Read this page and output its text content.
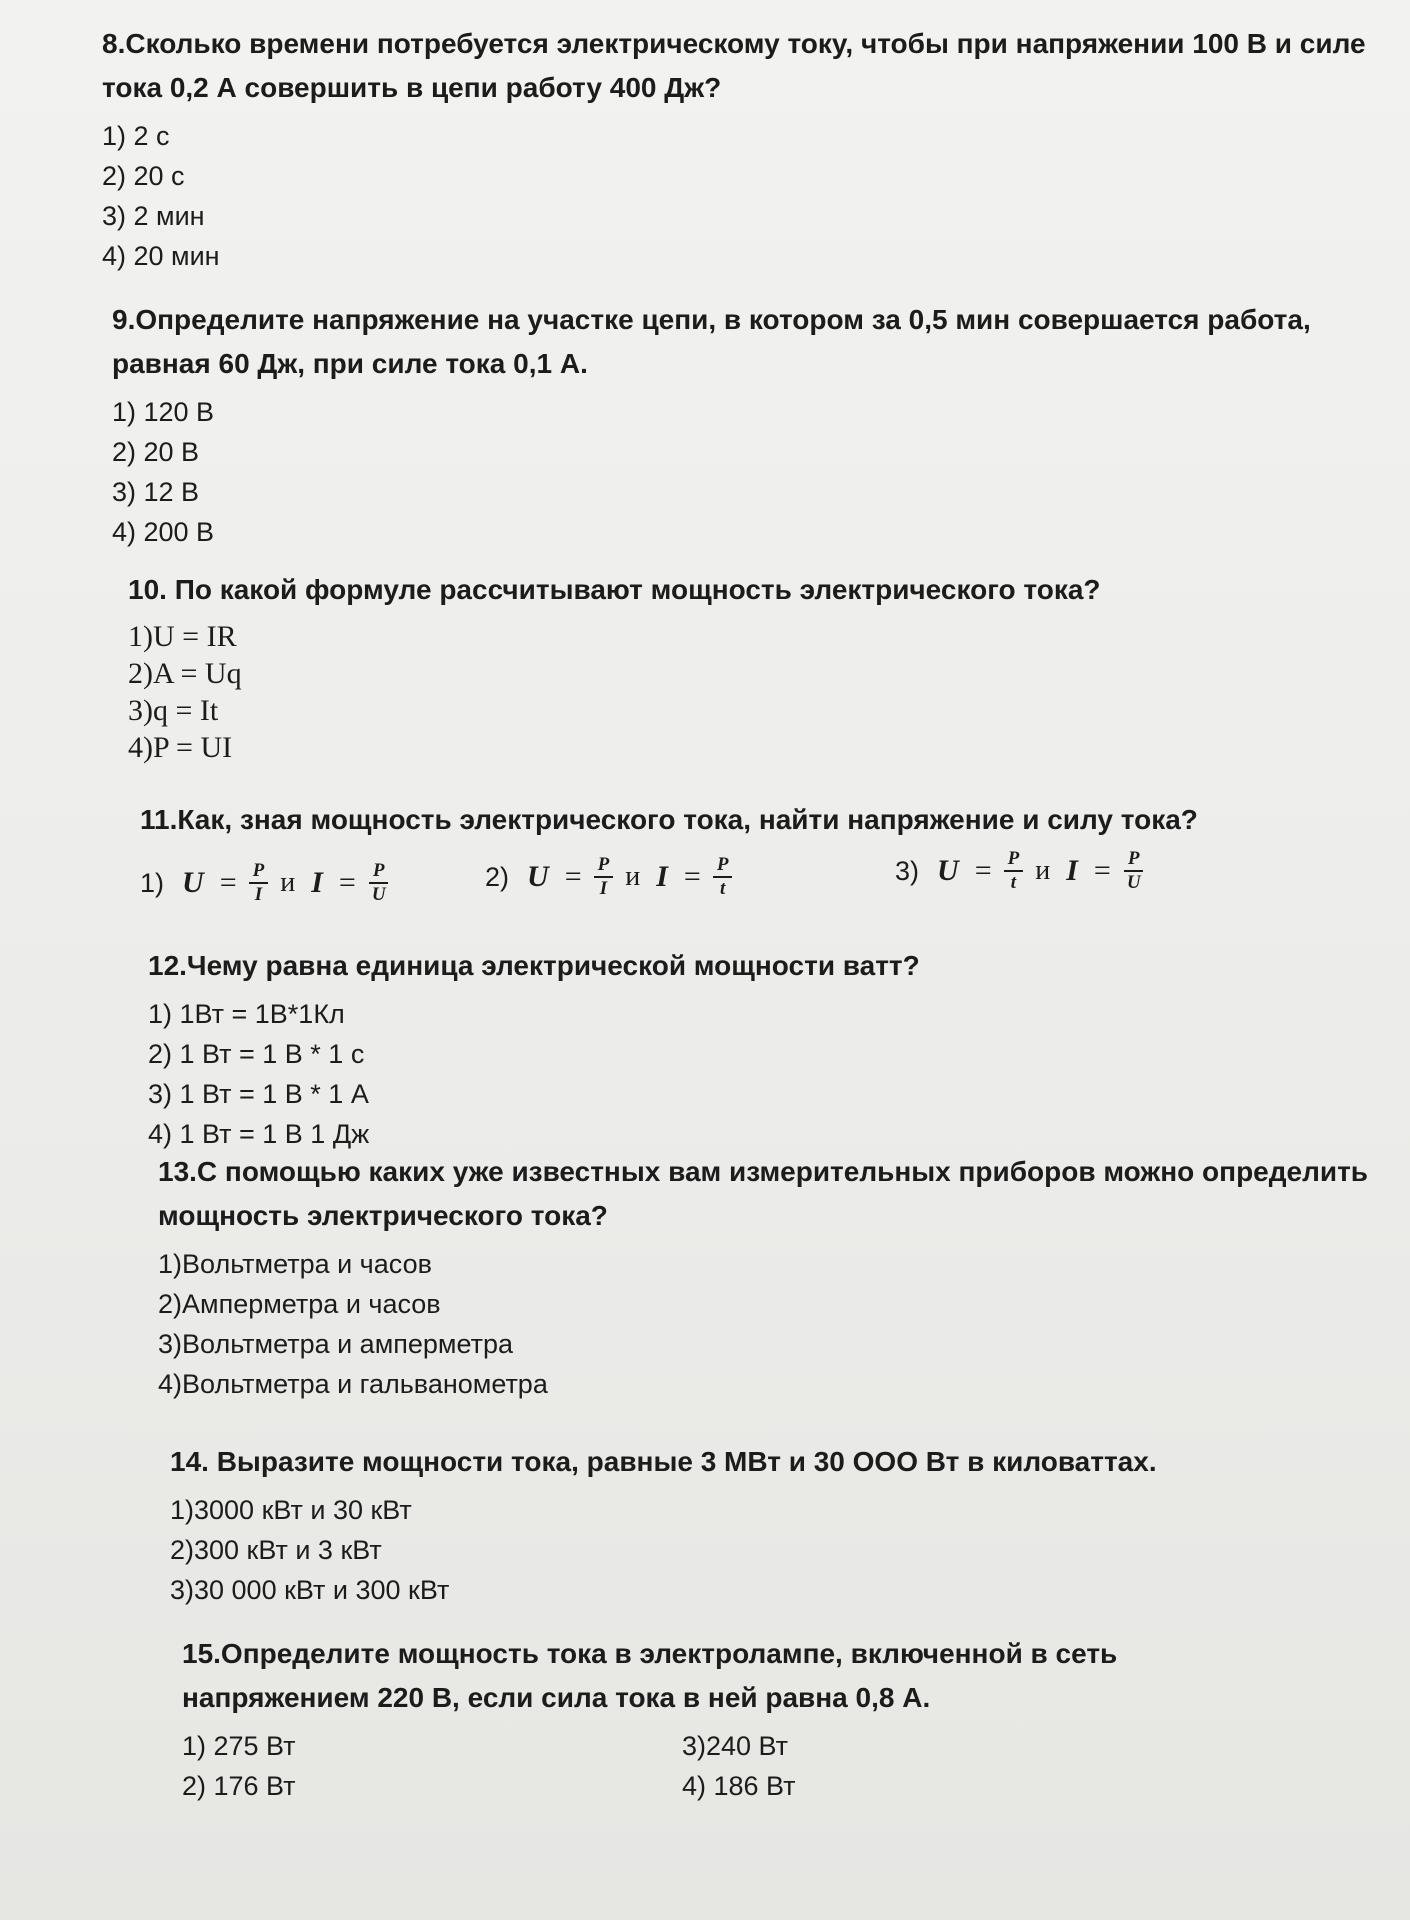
8.Сколько времени потребуется электрическому току, чтобы при напряжении 100 В и силе тока 0,2 А совершить в цепи работу 400 Дж?

1) 2 с

2) 20 с

3) 2 мин

4) 20 мин

9.Определите напряжение на участке цепи, в котором за 0,5 мин совершается работа, равная 60 Дж, при силе тока 0,1 А.

1) 120 В

2) 20 В

3) 12 В

4) 200 В

10. По какой формуле рассчитывают мощность электрического тока?

1)U = IR

2)A = Uq

3)q = It

4)P = UI

11.Как, зная мощность электрического тока, найти напряжение и силу тока?

1) $U = \frac{P}{I}$ и $I = \frac{P}{U}$	2) $U = \frac{P}{I}$ и $I = \frac{P}{t}$	3) $U = \frac{P}{t}$ и $I = \frac{P}{U}$

12.Чему равна единица электрической мощности ватт?

1) 1Вт = 1В*1Кл

2) 1 Вт = 1 В * 1 с

3) 1 Вт = 1 В * 1 А

4) 1 Вт = 1 В 1 Дж

13.С помощью каких уже известных вам измерительных приборов можно определить мощность электрического тока?

1)Вольтметра и часов

2)Амперметра и часов

3)Вольтметра и амперметра

4)Вольтметра и гальванометра

14. Выразите мощности тока, равные 3 МВт и 30 ООО Вт в киловаттах.

1)3000 кВт и 30 кВт

2)300 кВт и 3 кВт

3)30 000 кВт и 300 кВт

15.Определите мощность тока в электролампе, включенной в сеть напряжением 220 В, если сила тока в ней равна 0,8 А.

1) 275 Вт	3)240 Вт
2) 176 Вт	4) 186 Вт
